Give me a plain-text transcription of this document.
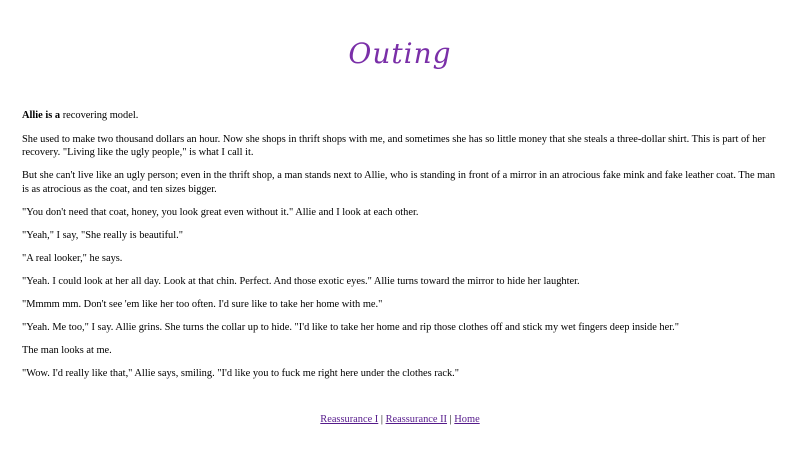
Outing

Allie is a recovering model.

She used to make two thousand dollars an hour. Now she shops in thrift shops with me, and sometimes she has so little money that she steals a three-dollar shirt. This is part of her recovery. "Living like the ugly people," is what I call it.

But she can't live like an ugly person; even in the thrift shop, a man stands next to Allie, who is standing in front of a mirror in an atrocious fake mink and fake leather coat. The man is as atrocious as the coat, and ten sizes bigger.

"You don't need that coat, honey, you look great even without it." Allie and I look at each other.

"Yeah," I say, "She really is beautiful."

"A real looker," he says.

"Yeah. I could look at her all day. Look at that chin. Perfect. And those exotic eyes." Allie turns toward the mirror to hide her laughter.

"Mmmm mm. Don't see 'em like her too often. I'd sure like to take her home with me."

"Yeah. Me too," I say. Allie grins. She turns the collar up to hide. "I'd like to take her home and rip those clothes off and stick my wet fingers deep inside her."

The man looks at me.

"Wow. I'd really like that," Allie says, smiling. "I'd like you to fuck me right here under the clothes rack."

Reassurance I | Reassurance II | Home
